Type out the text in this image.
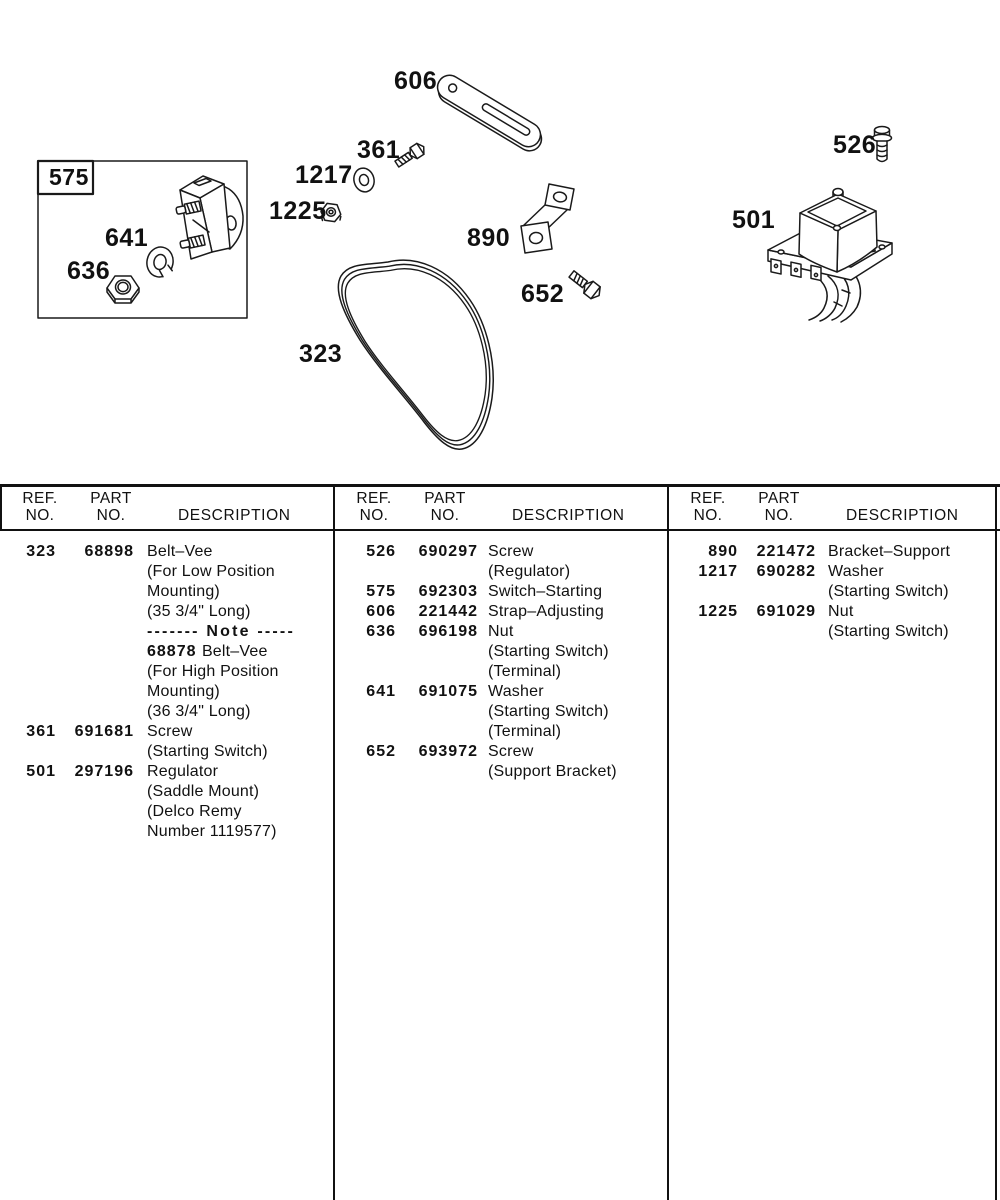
575
606
361
1217
1225
641
636
890
652
526
501
323
REF.
NO.
PART
NO.	DESCRIPTION
REF.
NO.
PART
NO.	DESCRIPTION
REF.
NO.
PART
NO.	DESCRIPTION
323	68898 Belt–Vee
(For Low Position
Mounting)
(35 3/4" Long)
------- Note -----
68878 Belt–Vee
(For High Position
Mounting)
(36 3/4" Long)
361	691681 Screw
(Starting Switch)
501	297196 Regulator
(Saddle Mount)
(Delco Remy
Number 1119577)
526	690297 Screw
(Regulator)
575	692303 Switch–Starting
606	221442 Strap–Adjusting
636	696198 Nut
(Starting Switch)
(Terminal)
641	691075 Washer
(Starting Switch)
(Terminal)
652	693972 Screw
(Support Bracket)
890	221472 Bracket–Support
1217	690282 Washer
(Starting Switch)
1225	691029 Nut
(Starting Switch)
